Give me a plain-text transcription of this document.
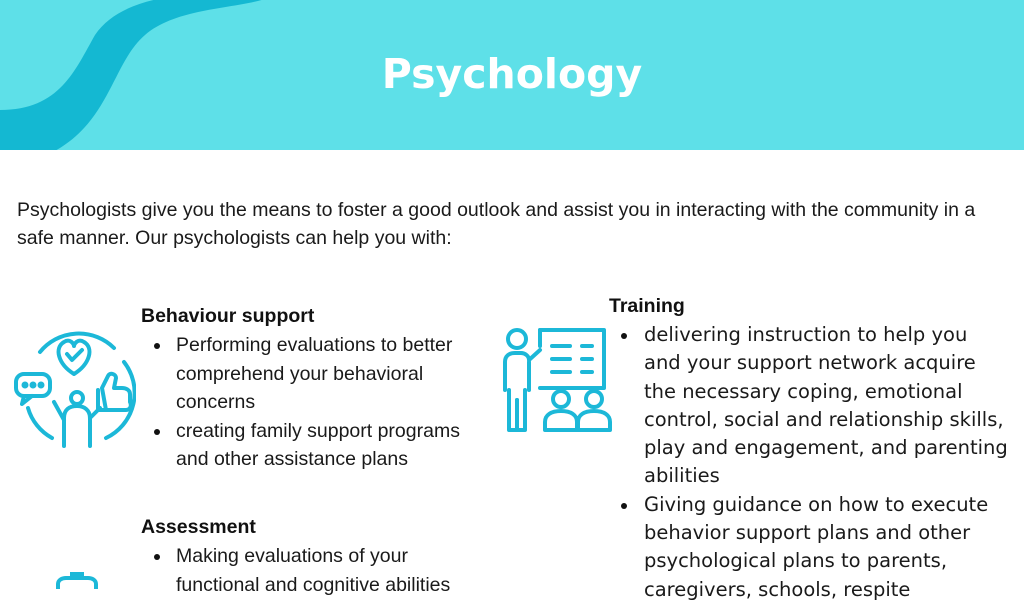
Psychology

Psychologists give you the means to foster a good outlook and assist you in interacting with the community in a safe manner. Our psychologists can help you with:

Behaviour support

Performing evaluations to better comprehend your behavioral concerns
creating family support programs and other assistance plans

Assessment

Making evaluations of your functional and cognitive abilities

Training

delivering instruction to help you and your support network acquire the necessary coping, emotional control, social and relationship skills, play and engagement, and parenting abilities
Giving guidance on how to execute behavior support plans and other psychological plans to parents, caregivers, schools, respite
